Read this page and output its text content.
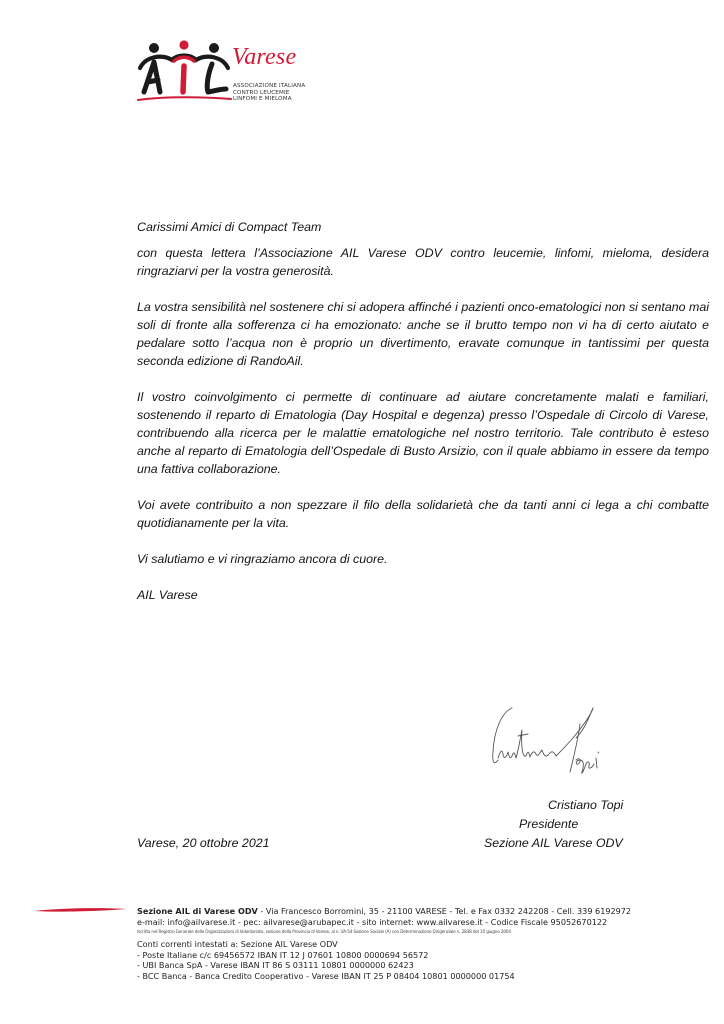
Varese
ASSOCIAZIONE ITALIANA
CONTRO LEUCEMIE
LINFOMI E MIELOMA

Carissimi Amici di Compact Team

con questa lettera l’Associazione AIL Varese ODV contro leucemie, linfomi, mieloma, desidera ringraziarvi per la vostra generosità.

La vostra sensibilità nel sostenere chi si adopera affinché i pazienti onco-ematologici non si sentano mai soli di fronte alla sofferenza ci ha emozionato: anche se il brutto tempo non vi ha di certo aiutato e pedalare sotto l’acqua non è proprio un divertimento, eravate comunque in tantissimi per questa seconda edizione di RandoAil.

Il vostro coinvolgimento ci permette di continuare ad aiutare concretamente malati e familiari, sostenendo il reparto di Ematologia (Day Hospital e degenza) presso l’Ospedale di Circolo di Varese, contribuendo alla ricerca per le malattie ematologiche nel nostro territorio. Tale contributo è esteso anche al reparto di Ematologia dell’Ospedale di Busto Arsizio, con il quale abbiamo in essere da tempo una fattiva collaborazione.

Voi avete contribuito a non spezzare il filo della solidarietà che da tanti anni ci lega a chi combatte quotidianamente per la vita.

Vi salutiamo e vi ringraziamo ancora di cuore.

AIL Varese

Cristiano Topi
Presidente
Sezione AIL Varese ODV
Varese, 20 ottobre 2021
Sezione AIL di Varese ODV - Via Francesco Borromini, 35 - 21100 VARESE - Tel. e Fax 0332 242208 - Cell. 339 6192972
e-mail: info@ailvarese.it - pec: ailvarese@arubapec.it - sito internet: www.ailvarese.it - Codice Fiscale 95052670122
Iscritta nel Registro Generale delle Organizzazioni di Volontariato, sezione della Provincia di Varese, al n. VA-54 Sezione Sociale (A) con Determinazione Dirigenziale n. 2838 del 10 giugno 2004
Conti correnti intestati a: Sezione AIL Varese ODV
- Poste Italiane c/c 69456572 IBAN IT 12 J 07601 10800 0000694 56572
- UBI Banca SpA - Varese IBAN IT 86 S 03111 10801 0000000 62423
- BCC Banca - Banca Credito Cooperativo - Varese IBAN IT 25 P 08404 10801 0000000 01754
